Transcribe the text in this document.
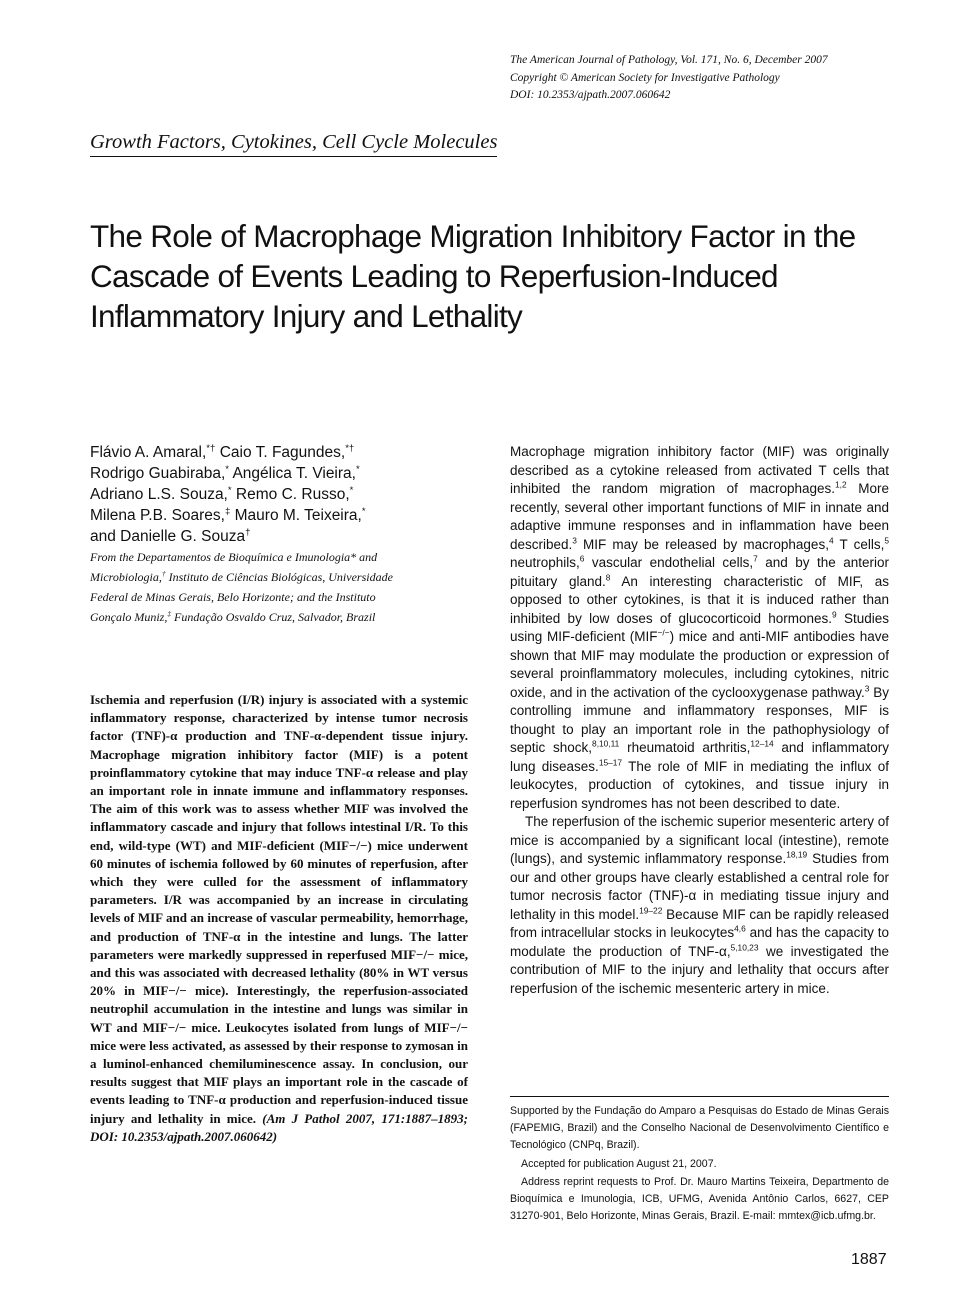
The American Journal of Pathology, Vol. 171, No. 6, December 2007
Copyright © American Society for Investigative Pathology
DOI: 10.2353/ajpath.2007.060642
Growth Factors, Cytokines, Cell Cycle Molecules
The Role of Macrophage Migration Inhibitory Factor in the
Cascade of Events Leading to Reperfusion-Induced
Inflammatory Injury and Lethality
Flávio A. Amaral,*† Caio T. Fagundes,*†
Rodrigo Guabiraba,* Angélica T. Vieira,*
Adriano L.S. Souza,* Remo C. Russo,*
Milena P.B. Soares,‡ Mauro M. Teixeira,*
and Danielle G. Souza†
From the Departamentos de Bioquímica e Imunologia* and
Microbiologia,† Instituto de Ciências Biológicas, Universidade
Federal de Minas Gerais, Belo Horizonte; and the Instituto
Gonçalo Muniz,‡ Fundação Osvaldo Cruz, Salvador, Brazil
Ischemia and reperfusion (I/R) injury is associated with a systemic inflammatory response, characterized by intense tumor necrosis factor (TNF)-α production and TNF-α-dependent tissue injury. Macrophage migration inhibitory factor (MIF) is a potent proinflammatory cytokine that may induce TNF-α release and play an important role in innate immune and inflammatory responses. The aim of this work was to assess whether MIF was involved the inflammatory cascade and injury that follows intestinal I/R. To this end, wild-type (WT) and MIF-deficient (MIF−/−) mice underwent 60 minutes of ischemia followed by 60 minutes of reperfusion, after which they were culled for the assessment of inflammatory parameters. I/R was accompanied by an increase in circulating levels of MIF and an increase of vascular permeability, hemorrhage, and production of TNF-α in the intestine and lungs. The latter parameters were markedly suppressed in reperfused MIF−/− mice, and this was associated with decreased lethality (80% in WT versus 20% in MIF−/− mice). Interestingly, the reperfusion-associated neutrophil accumulation in the intestine and lungs was similar in WT and MIF−/− mice. Leukocytes isolated from lungs of MIF−/− mice were less activated, as assessed by their response to zymosan in a luminol-enhanced chemiluminescence assay. In conclusion, our results suggest that MIF plays an important role in the cascade of events leading to TNF-α production and reperfusion-induced tissue injury and lethality in mice. (Am J Pathol 2007, 171:1887–1893; DOI: 10.2353/ajpath.2007.060642)

Macrophage migration inhibitory factor (MIF) was originally described as a cytokine released from activated T cells that inhibited the random migration of macrophages.$^{1,2}$ More recently, several other important functions of MIF in innate and adaptive immune responses and in inflammation have been described.$^3$ MIF may be released by macrophages,$^4$ T cells,$^5$ neutrophils,$^6$ vascular endothelial cells,$^7$ and by the anterior pituitary gland.$^8$ An interesting characteristic of MIF, as opposed to other cytokines, is that it is induced rather than inhibited by low doses of glucocorticoid hormones.$^9$ Studies using MIF-deficient (MIF−/−) mice and anti-MIF antibodies have shown that MIF may modulate the production or expression of several proinflammatory molecules, including cytokines, nitric oxide, and in the activation of the cyclooxygenase pathway.$^3$ By controlling immune and inflammatory responses, MIF is thought to play an important role in the pathophysiology of septic shock,$^{8,10,11}$ rheumatoid arthritis,$^{12-14}$ and inflammatory lung diseases.$^{15-17}$ The role of MIF in mediating the influx of leukocytes, production of cytokines, and tissue injury in reperfusion syndromes has not been described to date.

The reperfusion of the ischemic superior mesenteric artery of mice is accompanied by a significant local (intestine), remote (lungs), and systemic inflammatory response.$^{18,19}$ Studies from our and other groups have clearly established a central role for tumor necrosis factor (TNF)-α in mediating tissue injury and lethality in this model.$^{19-22}$ Because MIF can be rapidly released from intracellular stocks in leukocytes$^{4,6}$ and has the capacity to modulate the production of TNF-α,$^{5,10,23}$ we investigated the contribution of MIF to the injury and lethality that occurs after reperfusion of the ischemic mesenteric artery in mice.

Supported by the Fundação do Amparo a Pesquisas do Estado de Minas Gerais (FAPEMIG, Brazil) and the Conselho Nacional de Desenvolvimento Científico e Tecnológico (CNPq, Brazil).

Accepted for publication August 21, 2007.

Address reprint requests to Prof. Dr. Mauro Martins Teixeira, Departmento de Bioquímica e Imunologia, ICB, UFMG, Avenida Antônio Carlos, 6627, CEP 31270-901, Belo Horizonte, Minas Gerais, Brazil. E-mail: mmtex@icb.ufmg.br.

1887
